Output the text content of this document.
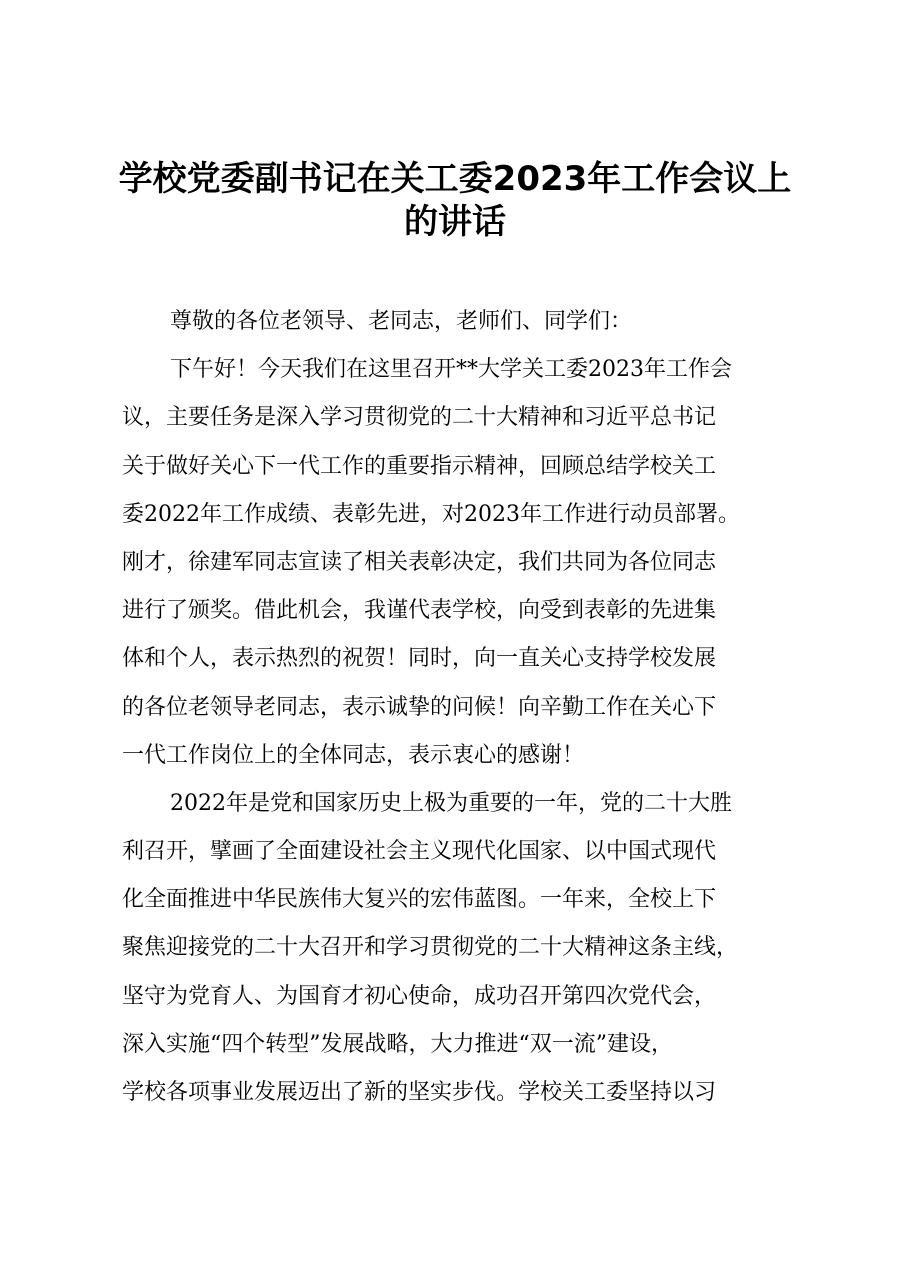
学校党委副书记在关工委2023年工作会议上
的讲话
尊敬的各位老领导、老同志，老师们、同学们：
下午好！今天我们在这里召开**大学关工委2023年工作会
议，主要任务是深入学习贯彻党的二十大精神和习近平总书记
关于做好关心下一代工作的重要指示精神，回顾总结学校关工
委2022年工作成绩、表彰先进，对2023年工作进行动员部署。
刚才，徐建军同志宣读了相关表彰决定，我们共同为各位同志
进行了颁奖。借此机会，我谨代表学校，向受到表彰的先进集
体和个人，表示热烈的祝贺！同时，向一直关心支持学校发展
的各位老领导老同志，表示诚挚的问候！向辛勤工作在关心下
一代工作岗位上的全体同志，表示衷心的感谢！
2022年是党和国家历史上极为重要的一年，党的二十大胜
利召开，擘画了全面建设社会主义现代化国家、以中国式现代
化全面推进中华民族伟大复兴的宏伟蓝图。一年来，全校上下
聚焦迎接党的二十大召开和学习贯彻党的二十大精神这条主线，
坚守为党育人、为国育才初心使命，成功召开第四次党代会，
深入实施“四个转型”发展战略，大力推进“双一流”建设，
学校各项事业发展迈出了新的坚实步伐。学校关工委坚持以习
